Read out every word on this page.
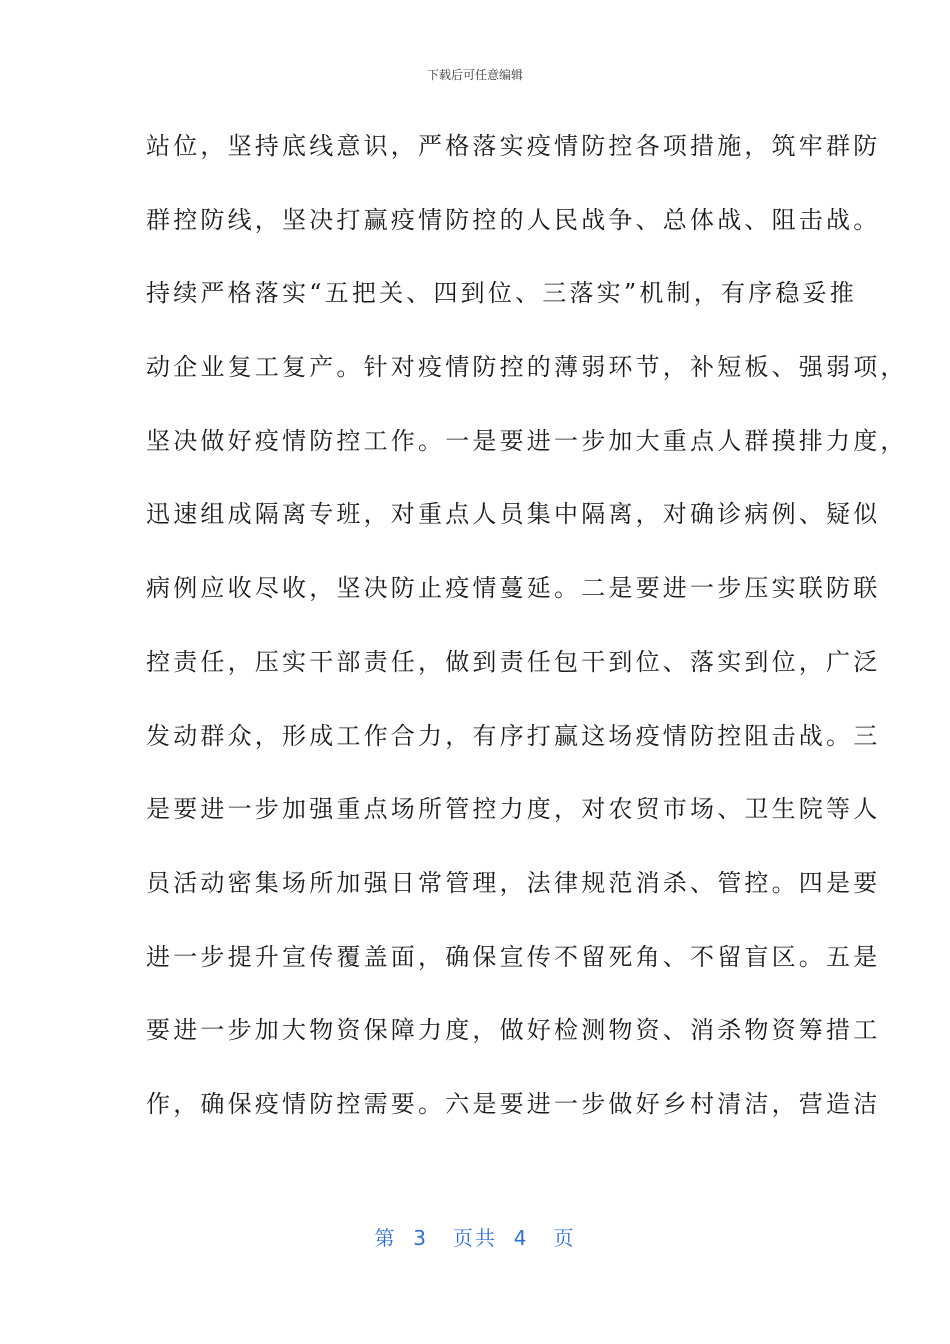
下载后可任意编辑
站位，坚持底线意识，严格落实疫情防控各项措施，筑牢群防
群控防线，坚决打赢疫情防控的人民战争、总体战、阻击战。
持续严格落实“五把关、四到位、三落实”机制，有序稳妥推
动企业复工复产。针对疫情防控的薄弱环节，补短板、强弱项，
坚决做好疫情防控工作。一是要进一步加大重点人群摸排力度，
迅速组成隔离专班，对重点人员集中隔离，对确诊病例、疑似
病例应收尽收，坚决防止疫情蔓延。二是要进一步压实联防联
控责任，压实干部责任，做到责任包干到位、落实到位，广泛
发动群众，形成工作合力，有序打赢这场疫情防控阻击战。三
是要进一步加强重点场所管控力度，对农贸市场、卫生院等人
员活动密集场所加强日常管理，法律规范消杀、管控。四是要
进一步提升宣传覆盖面，确保宣传不留死角、不留盲区。五是
要进一步加大物资保障力度，做好检测物资、消杀物资筹措工
作，确保疫情防控需要。六是要进一步做好乡村清洁，营造洁
第  3   页共  4   页
